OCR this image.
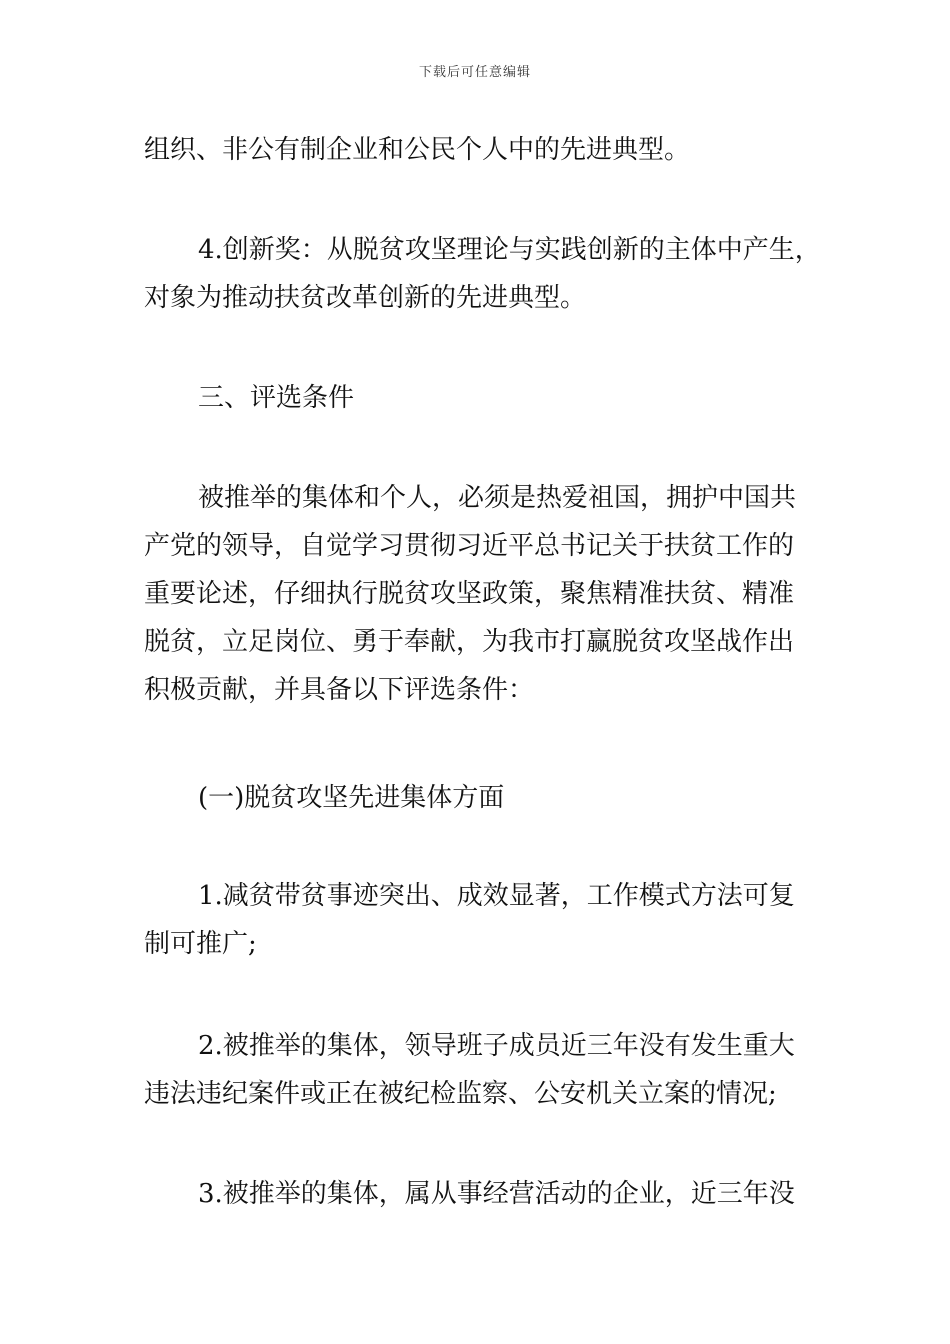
下载后可任意编辑

组织、非公有制企业和公民个人中的先进典型。

4.创新奖：从脱贫攻坚理论与实践创新的主体中产生，
对象为推动扶贫改革创新的先进典型。

三、评选条件

被推举的集体和个人，必须是热爱祖国，拥护中国共
产党的领导，自觉学习贯彻习近平总书记关于扶贫工作的
重要论述，仔细执行脱贫攻坚政策，聚焦精准扶贫、精准
脱贫，立足岗位、勇于奉献，为我市打赢脱贫攻坚战作出
积极贡献，并具备以下评选条件：

(一)脱贫攻坚先进集体方面

1.减贫带贫事迹突出、成效显著，工作模式方法可复
制可推广;

2.被推举的集体，领导班子成员近三年没有发生重大
违法违纪案件或正在被纪检监察、公安机关立案的情况;

3.被推举的集体，属从事经营活动的企业，近三年没
